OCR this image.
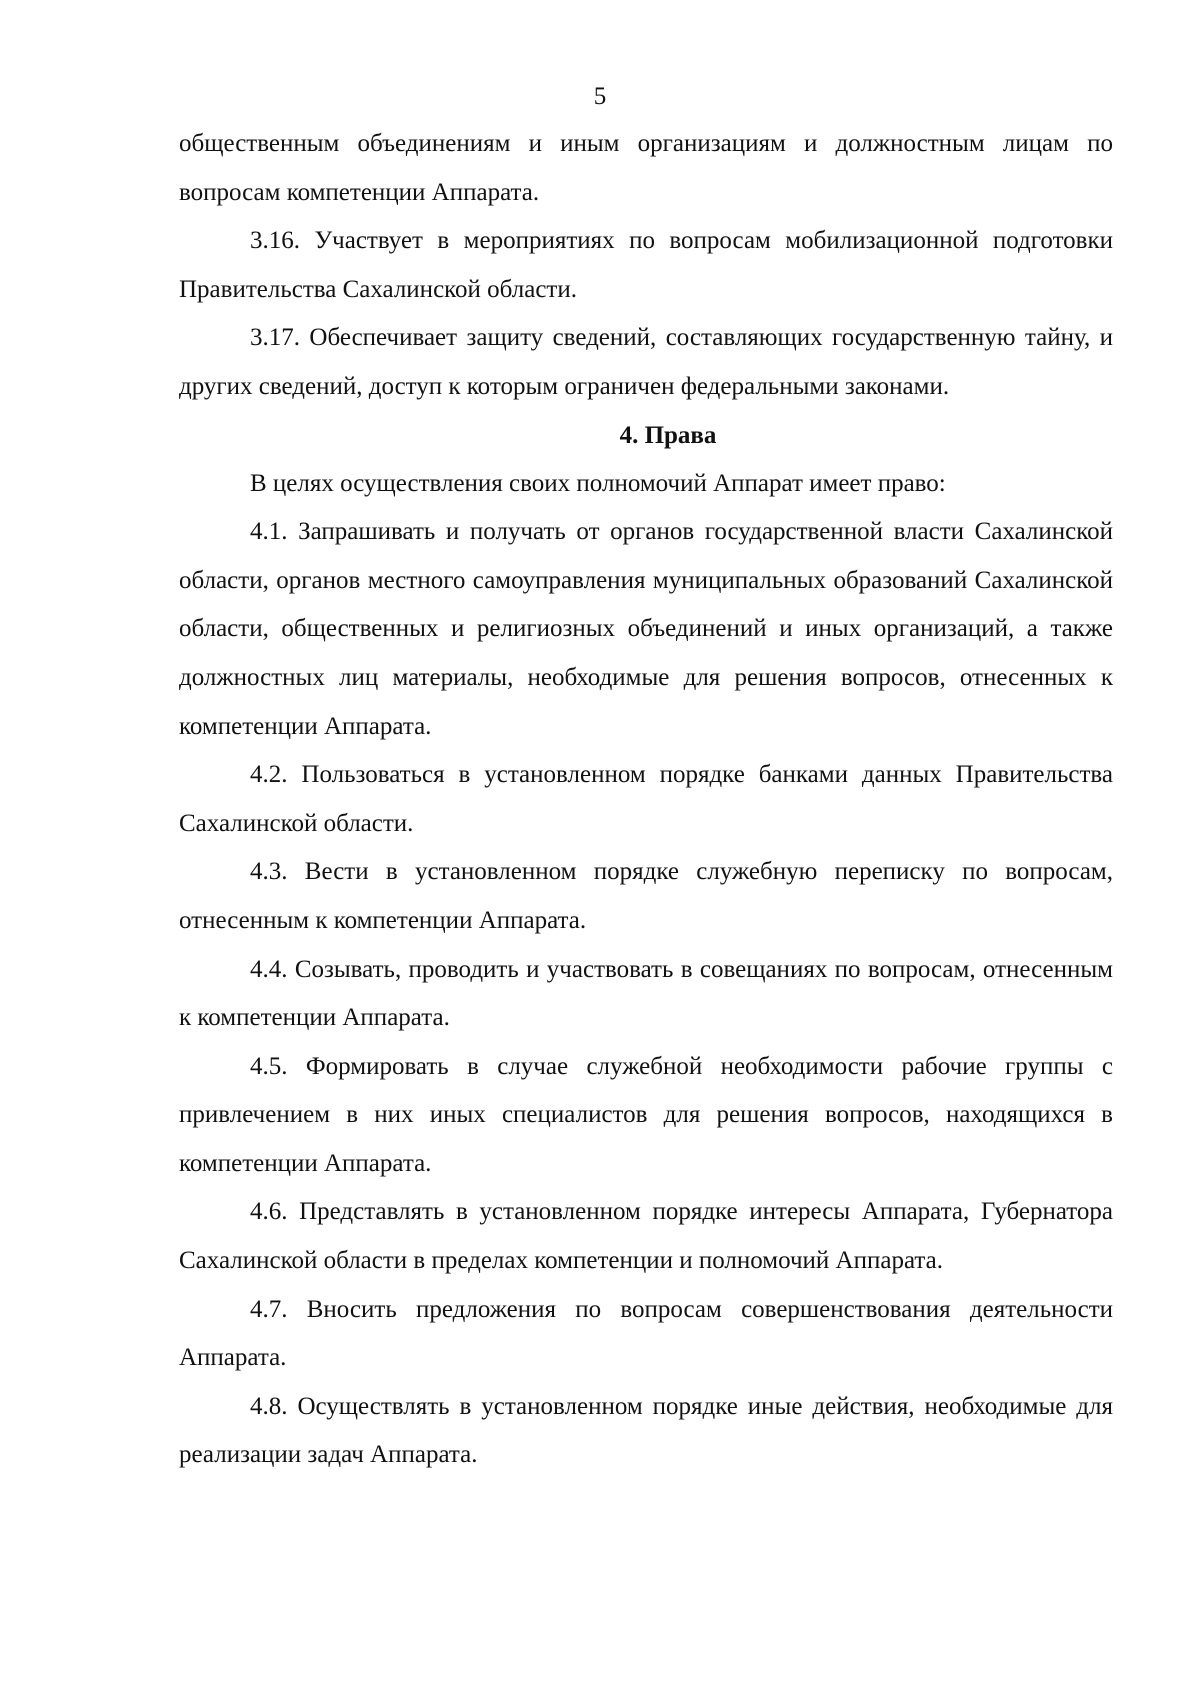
5

общественным объединениям и иным организациям и должностным лицам по вопросам компетенции Аппарата.

3.16. Участвует в мероприятиях по вопросам мобилизационной подготовки Правительства Сахалинской области.

3.17. Обеспечивает защиту сведений, составляющих государственную тайну, и других сведений, доступ к которым ограничен федеральными законами.

4. Права

В целях осуществления своих полномочий Аппарат имеет право:

4.1. Запрашивать и получать от органов государственной власти Сахалинской области, органов местного самоуправления муниципальных образований Сахалинской области, общественных и религиозных объединений и иных организаций, а также должностных лиц материалы, необходимые для решения вопросов, отнесенных к компетенции Аппарата.

4.2. Пользоваться в установленном порядке банками данных Правительства Сахалинской области.

4.3. Вести в установленном порядке служебную переписку по вопросам, отнесенным к компетенции Аппарата.

4.4. Созывать, проводить и участвовать в совещаниях по вопросам, отнесенным к компетенции Аппарата.

4.5. Формировать в случае служебной необходимости рабочие группы с привлечением в них иных специалистов для решения вопросов, находящихся в компетенции Аппарата.

4.6. Представлять в установленном порядке интересы Аппарата, Губернатора Сахалинской области в пределах компетенции и полномочий Аппарата.

4.7. Вносить предложения по вопросам совершенствования деятельности Аппарата.

4.8. Осуществлять в установленном порядке иные действия, необходимые для реализации задач Аппарата.
